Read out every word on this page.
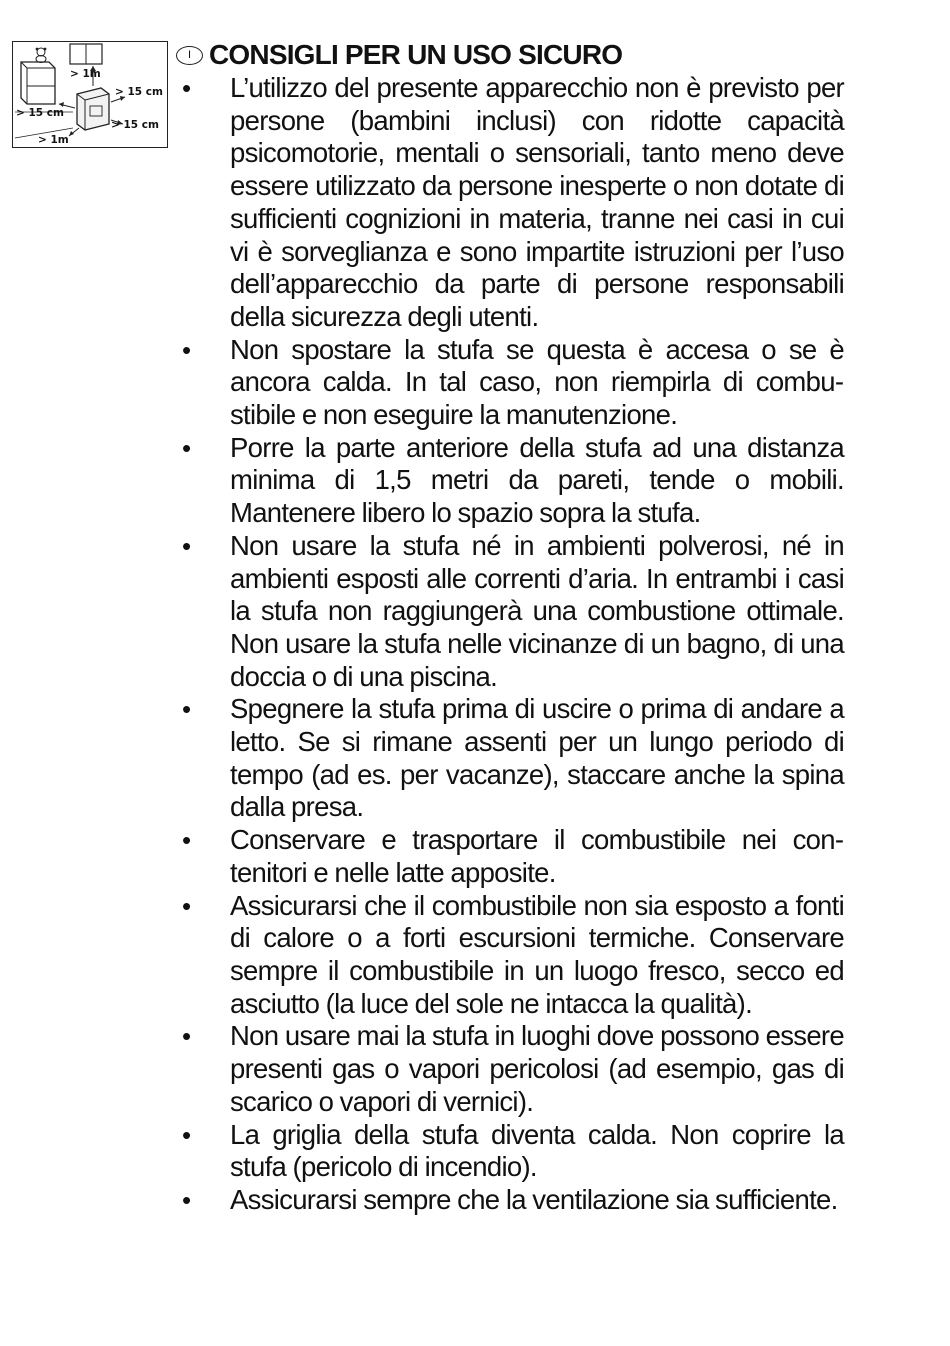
> 1m
> 15 cm
> 15 cm
> 15 cm
> 1m
I CONSIGLI PER UN USO SICURO
• L’utilizzo del presente apparecchio non è previsto per persone (bambini inclusi) con ridotte capacità psicomotorie, mentali o sensoriali, tanto meno deve essere utilizzato da persone inesperte o non dotate di sufficienti cognizioni in materia, tranne nei casi in cui vi è sorveglianza e sono impartite istruzioni per l’uso dell’apparecchio da parte di persone responsabili della sicurezza degli utenti.
• Non spostare la stufa se questa è accesa o se è ancora calda. In tal caso, non riempirla di combustibile e non eseguire la manutenzione.
• Porre la parte anteriore della stufa ad una distanza minima di 1,5 metri da pareti, tende o mobili. Mantenere libero lo spazio sopra la stufa.
• Non usare la stufa né in ambienti polverosi, né in ambienti esposti alle correnti d’aria. In entrambi i casi la stufa non raggiungerà una combustione ottimale. Non usare la stufa nelle vicinanze di un bagno, di una doccia o di una piscina.
• Spegnere la stufa prima di uscire o prima di andare a letto. Se si rimane assenti per un lungo periodo di tempo (ad es. per vacanze), staccare anche la spina dalla presa.
• Conservare e trasportare il combustibile nei contenitori e nelle latte apposite.
• Assicurarsi che il combustibile non sia esposto a fonti di calore o a forti escursioni termiche. Conservare sempre il combustibile in un luogo fresco, secco ed asciutto (la luce del sole ne intacca la qualità).
• Non usare mai la stufa in luoghi dove possono essere presenti gas o vapori pericolosi (ad esempio, gas di scarico o vapori di vernici).
• La griglia della stufa diventa calda. Non coprire la stufa (pericolo di incendio).
• Assicurarsi sempre che la ventilazione sia sufficiente.
